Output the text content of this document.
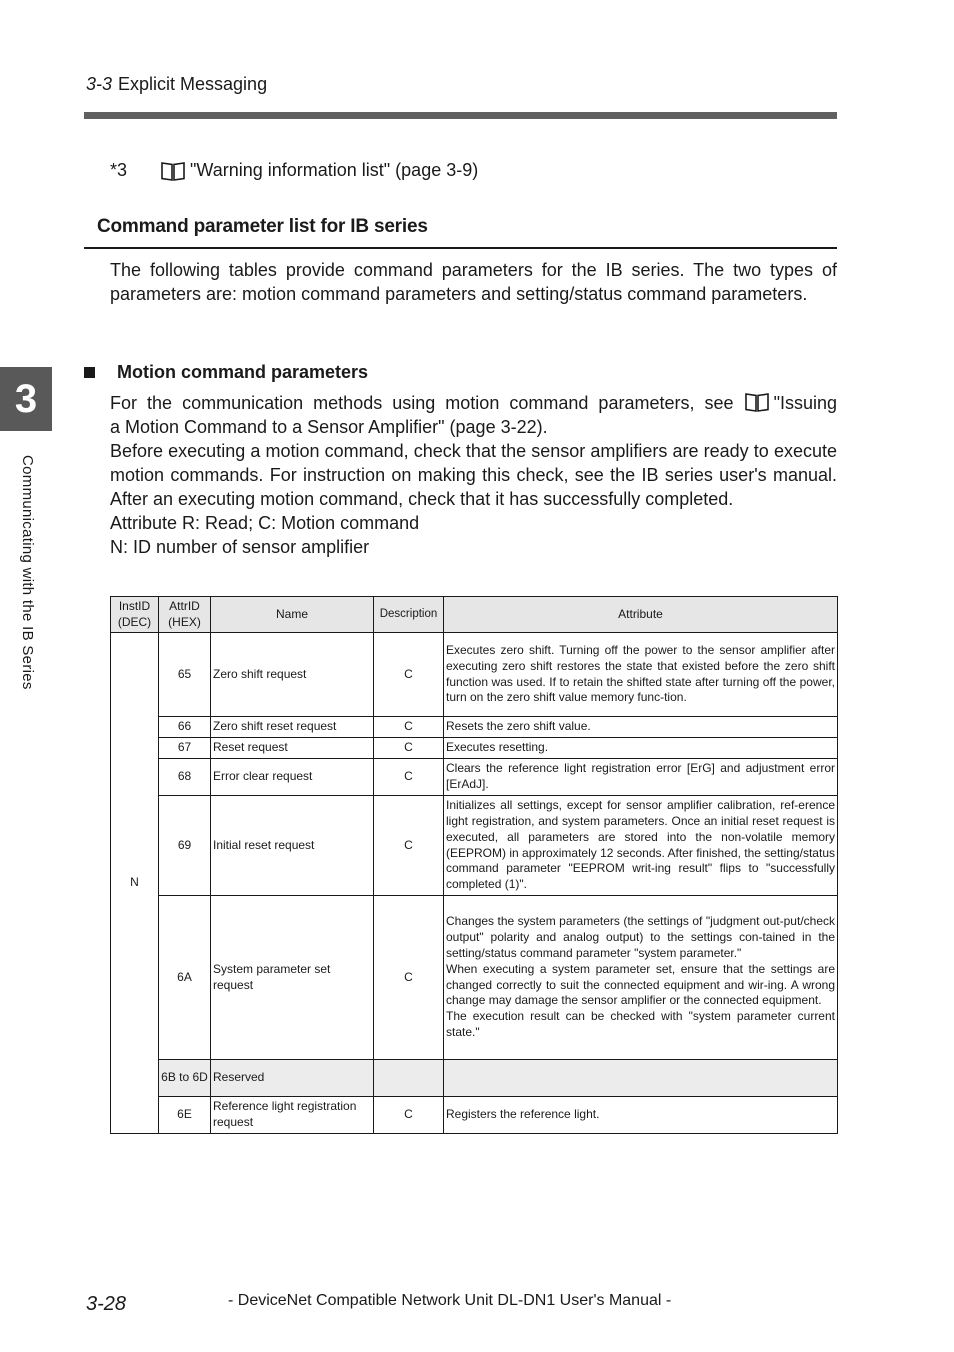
3-3 Explicit Messaging
*3	"Warning information list" (page 3-9)
Command parameter list for IB series
The following tables provide command parameters for the IB series. The two types of parameters are: motion command parameters and setting/status command parameters.
Motion command parameters
For the communication methods using motion command parameters, see "Issuing
a Motion Command to a Sensor Amplifier" (page 3-22).
Before executing a motion command, check that the sensor amplifiers are ready to execute motion commands. For instruction on making this check, see the IB series user's manual. After an executing motion command, check that it has successfully completed.
Attribute R: Read; C: Motion command
N: ID number of sensor amplifier
InstID (DEC)	AttrID (HEX)	Name	Description	Attribute
N	65	Zero shift request	C	Executes zero shift. Turning off the power to the sensor amplifier after executing zero shift restores the state that existed before the zero shift function was used. If to retain the shifted state after turning off the power, turn on the zero shift value memory func-tion.
	66	Zero shift reset request	C	Resets the zero shift value.
	67	Reset request	C	Executes resetting.
	68	Error clear request	C	Clears the reference light registration error [ErG] and adjustment error [ErAdJ].
	69	Initial reset request	C	Initializes all settings, except for sensor amplifier calibration, ref-erence light registration, and system parameters. Once an initial reset request is executed, all parameters are stored into the non-volatile memory (EEPROM) in approximately 12 seconds. After finished, the setting/status command parameter "EEPROM writ-ing result" flips to "successfully completed (1)".
	6A	System parameter set request	C	Changes the system parameters (the settings of "judgment out-put/check output" polarity and analog output) to the settings con-tained in the setting/status command parameter "system parameter."
When executing a system parameter set, ensure that the settings are changed correctly to suit the connected equipment and wir-ing. A wrong change may damage the sensor amplifier or the connected equipment.
The execution result can be checked with "system parameter current state."
	6B to 6D	Reserved		
	6E	Reference light registration request	C	Registers the reference light.
3
Communicating with the IB Series
3-28	- DeviceNet Compatible Network Unit DL-DN1 User's Manual -
